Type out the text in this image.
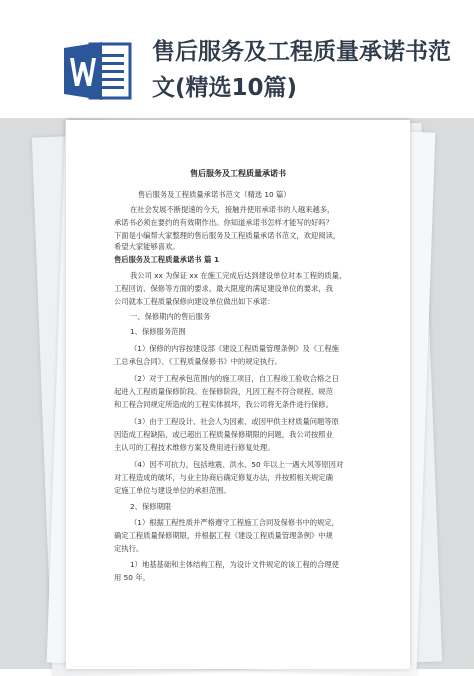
售后服务及工程质量承诺书范
文(精选10篇)
售后服务及工程质量承诺书
售后服务及工程质量承诺书范文（精选 10 篇）
在社会发展不断提速的今天，接触并使用承诺书的人越来越多，
承诺书必须在要约的有效期作出。你知道承诺书怎样才能写的好吗？
下面是小编帮大家整理的售后服务及工程质量承诺书范文，欢迎阅读，
希望大家能够喜欢。
售后服务及工程质量承诺书 篇 1
我公司 xx 为保证 xx 在施工完成后达到建设单位对本工程的质量、
工程回访、保修等方面的要求，最大限度的满足建设单位的要求，我
公司就本工程质量保修向建设单位做出如下承诺：
一、保修期内的售后服务
1、保修服务范围
（1）保修的内容按建设部《建设工程质量管理条例》及《工程施
工总承包合同》、《工程质量保修书》中的规定执行。
（2）对于工程承包范围内的施工项目，自工程竣工验收合格之日
起进入工程质量保修阶段。在保修阶段，凡因工程不符合规程、规范
和工程合同规定所造成的工程实体损坏，我公司将无条件进行保修。
（3）由于工程设计、社会人为因素、或因甲供主材质量问题等原
因造成工程缺陷，或已超出工程质量保修期限的问题，我公司按照业
主认可的工程技术维修方案及费用进行修复处理。
（4）因不可抗力，包括地震、洪水、50 年以上一遇大风等原因对
对工程造成的破坏，与业主协商后确定修复办法，并按照相关规定确
定施工单位与建设单位的承担范围。
2、保修期限
（1）根据工程性质并严格遵守工程施工合同及保修书中的规定，
确定工程质量保修期限，并根据工程《建设工程质量管理条例》中规
定执行。
1）地基基础和主体结构工程，为设计文件规定的该工程的合理使
用 50 年。
